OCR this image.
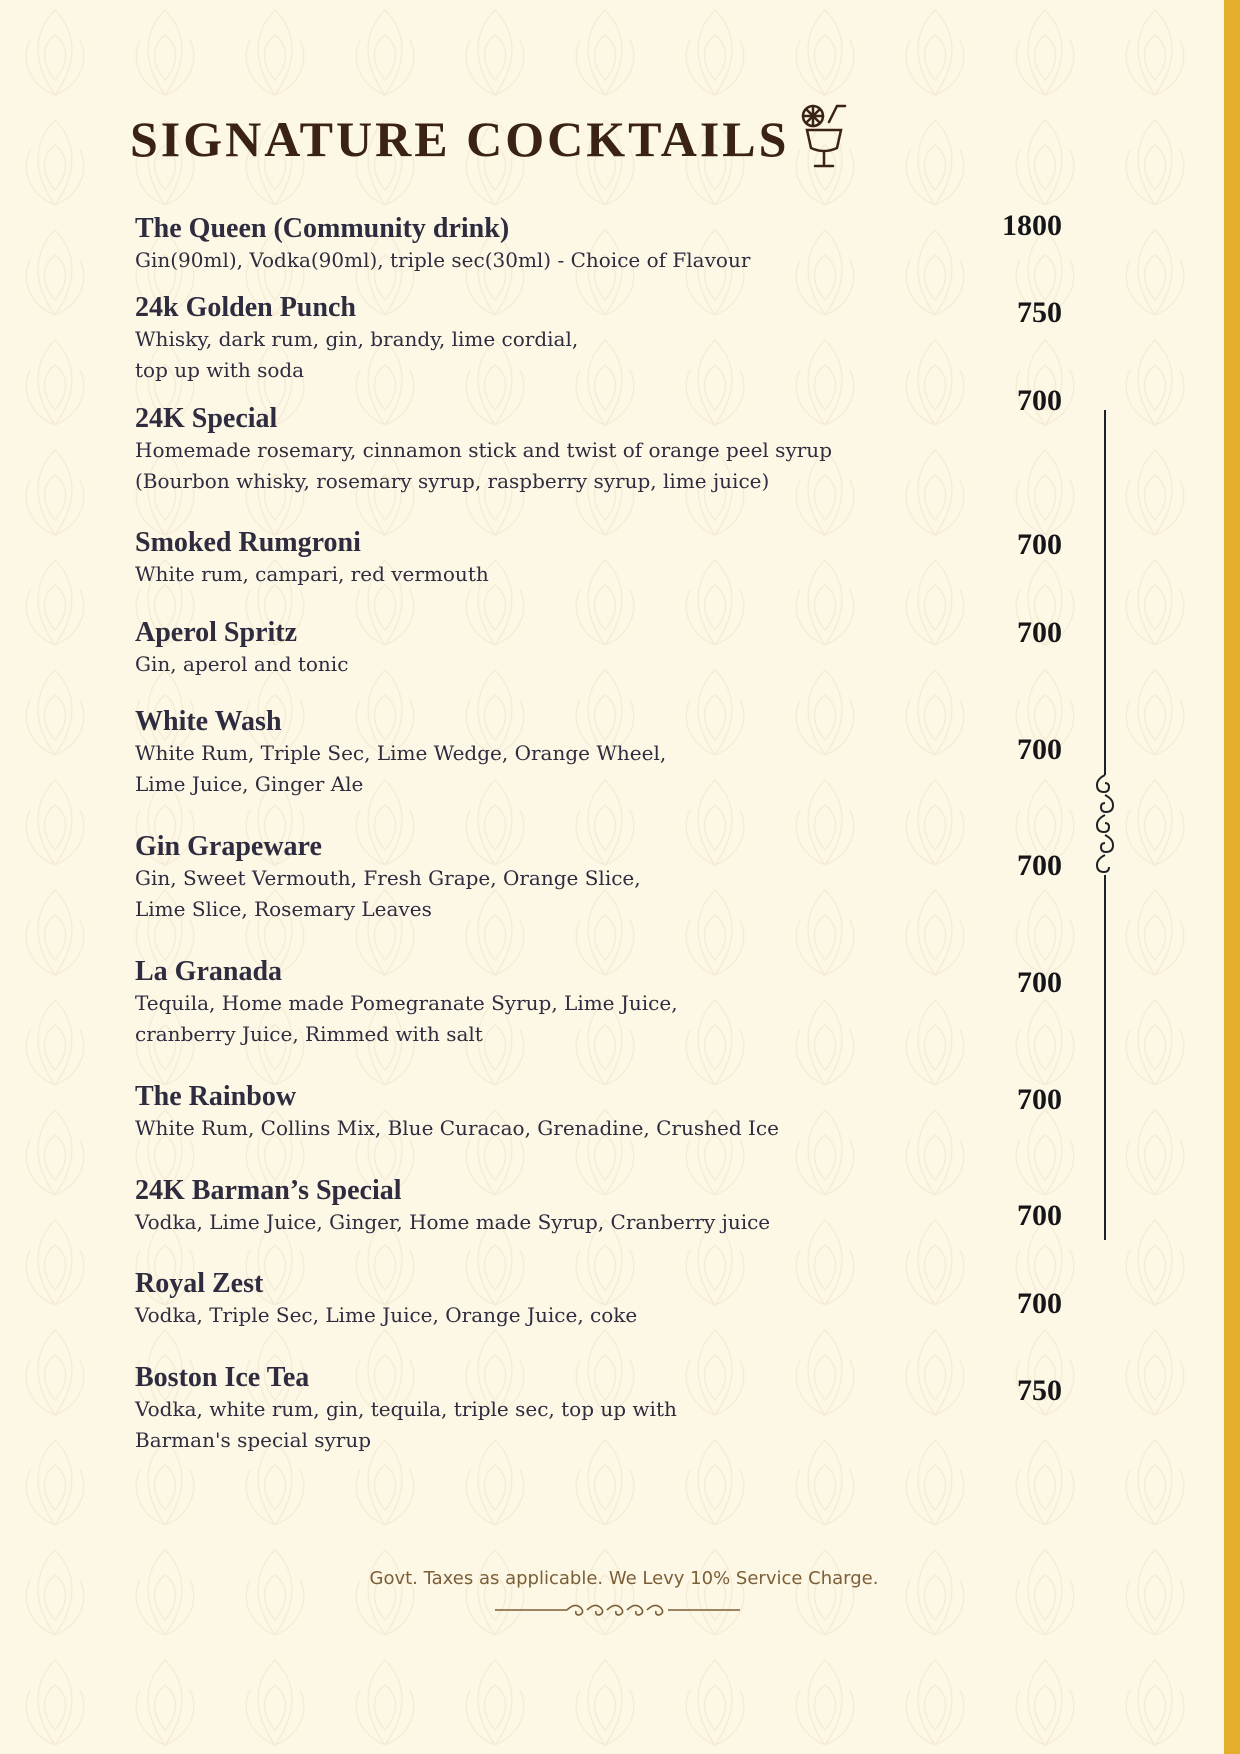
SIGNATURE COCKTAILS
The Queen (Community drink)
Gin(90ml), Vodka(90ml), triple sec(30ml) - Choice of Flavour
1800
24k Golden Punch
Whisky, dark rum, gin, brandy, lime cordial,
top up with soda
750
24K Special
Homemade rosemary, cinnamon stick and twist of orange peel syrup
(Bourbon whisky, rosemary syrup, raspberry syrup, lime juice)
700
Smoked Rumgroni
White rum, campari, red vermouth
700
Aperol Spritz
Gin, aperol and tonic
700
White Wash
White Rum, Triple Sec, Lime Wedge, Orange Wheel,
Lime Juice, Ginger Ale
700
Gin Grapeware
Gin, Sweet Vermouth, Fresh Grape, Orange Slice,
Lime Slice, Rosemary Leaves
700
La Granada
Tequila, Home made Pomegranate Syrup, Lime Juice,
cranberry Juice, Rimmed with salt
700
The Rainbow
White Rum, Collins Mix, Blue Curacao, Grenadine, Crushed Ice
700
24K Barman’s Special
Vodka, Lime Juice, Ginger, Home made Syrup, Cranberry juice	700
Royal Zest
Vodka, Triple Sec, Lime Juice, Orange Juice, coke	700
Boston Ice Tea
Vodka, white rum, gin, tequila, triple sec, top up with
Barman's special syrup
750
Govt. Taxes as applicable. We Levy 10% Service Charge.
